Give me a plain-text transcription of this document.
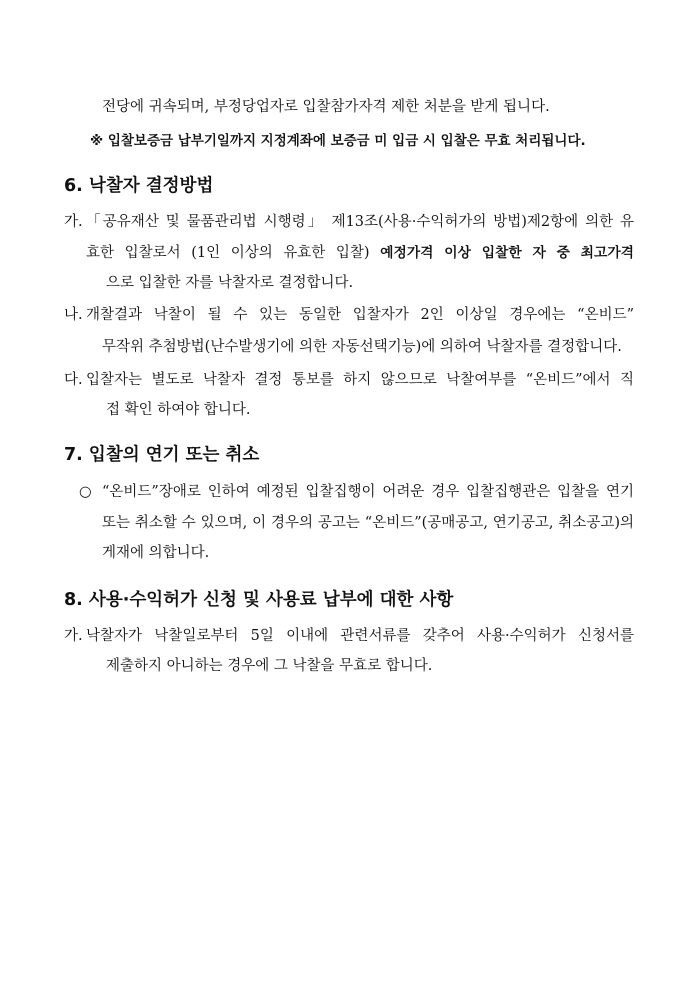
전당에 귀속되며, 부정당업자로 입찰참가자격 제한 처분을 받게 됩니다.
※ 입찰보증금 납부기일까지 지정계좌에 보증금 미 입금 시 입찰은 무효 처리됩니다.
6. 낙찰자 결정방법
가. 「공유재산 및 물품관리법 시행령」 제13조(사용·수익허가의 방법)제2항에 의한 유
효한 입찰로서 (1인 이상의 유효한 입찰) 예정가격 이상 입찰한 자 중 최고가격
으로 입찰한 자를 낙찰자로 결정합니다.
나. 개찰결과 낙찰이 될 수 있는 동일한 입찰자가 2인 이상일 경우에는 “온비드”
무작위 추첨방법(난수발생기에 의한 자동선택기능)에 의하여 낙찰자를 결정합니다.
다. 입찰자는 별도로 낙찰자 결정 통보를 하지 않으므로 낙찰여부를 “온비드”에서 직
접 확인 하여야 합니다.
7. 입찰의 연기 또는 취소
○ “온비드”장애로 인하여 예정된 입찰집행이 어려운 경우 입찰집행관은 입찰을 연기
또는 취소할 수 있으며, 이 경우의 공고는 “온비드”(공매공고, 연기공고, 취소공고)의
게재에 의합니다.
8. 사용·수익허가 신청 및 사용료 납부에 대한 사항
가. 낙찰자가 낙찰일로부터 5일 이내에 관련서류를 갖추어 사용·수익허가 신청서를
제출하지 아니하는 경우에 그 낙찰을 무효로 합니다.
